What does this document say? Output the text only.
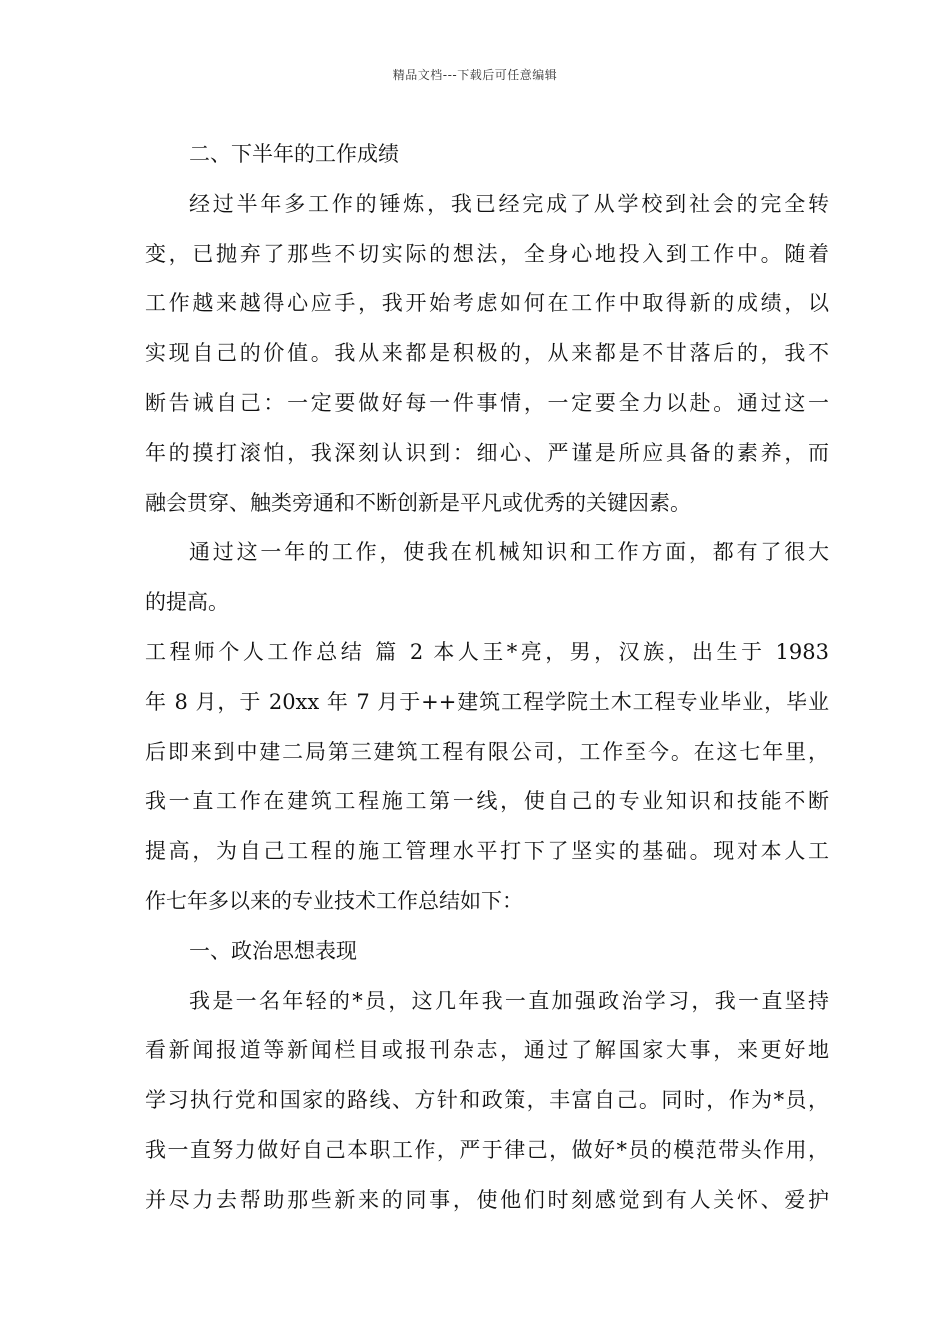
精品文档---下载后可任意编辑
二、下半年的工作成绩
经过半年多工作的锤炼，我已经完成了从学校到社会的完全转
变，已抛弃了那些不切实际的想法，全身心地投入到工作中。随着
工作越来越得心应手，我开始考虑如何在工作中取得新的成绩，以
实现自己的价值。我从来都是积极的，从来都是不甘落后的，我不
断告诫自己：一定要做好每一件事情，一定要全力以赴。通过这一
年的摸打滚怕，我深刻认识到：细心、严谨是所应具备的素养，而
融会贯穿、触类旁通和不断创新是平凡或优秀的关键因素。
通过这一年的工作，使我在机械知识和工作方面，都有了很大
的提高。
工程师个人工作总结 篇 2 本人王*亮，男，汉族，出生于 1983
年 8 月，于 20xx 年 7 月于++建筑工程学院土木工程专业毕业，毕业
后即来到中建二局第三建筑工程有限公司，工作至今。在这七年里，
我一直工作在建筑工程施工第一线，使自己的专业知识和技能不断
提高，为自己工程的施工管理水平打下了坚实的基础。现对本人工
作七年多以来的专业技术工作总结如下：
一、政治思想表现
我是一名年轻的*员，这几年我一直加强政治学习，我一直坚持
看新闻报道等新闻栏目或报刊杂志，通过了解国家大事，来更好地
学习执行党和国家的路线、方针和政策，丰富自己。同时，作为*员，
我一直努力做好自己本职工作，严于律己，做好*员的模范带头作用，
并尽力去帮助那些新来的同事，使他们时刻感觉到有人关怀、爱护
